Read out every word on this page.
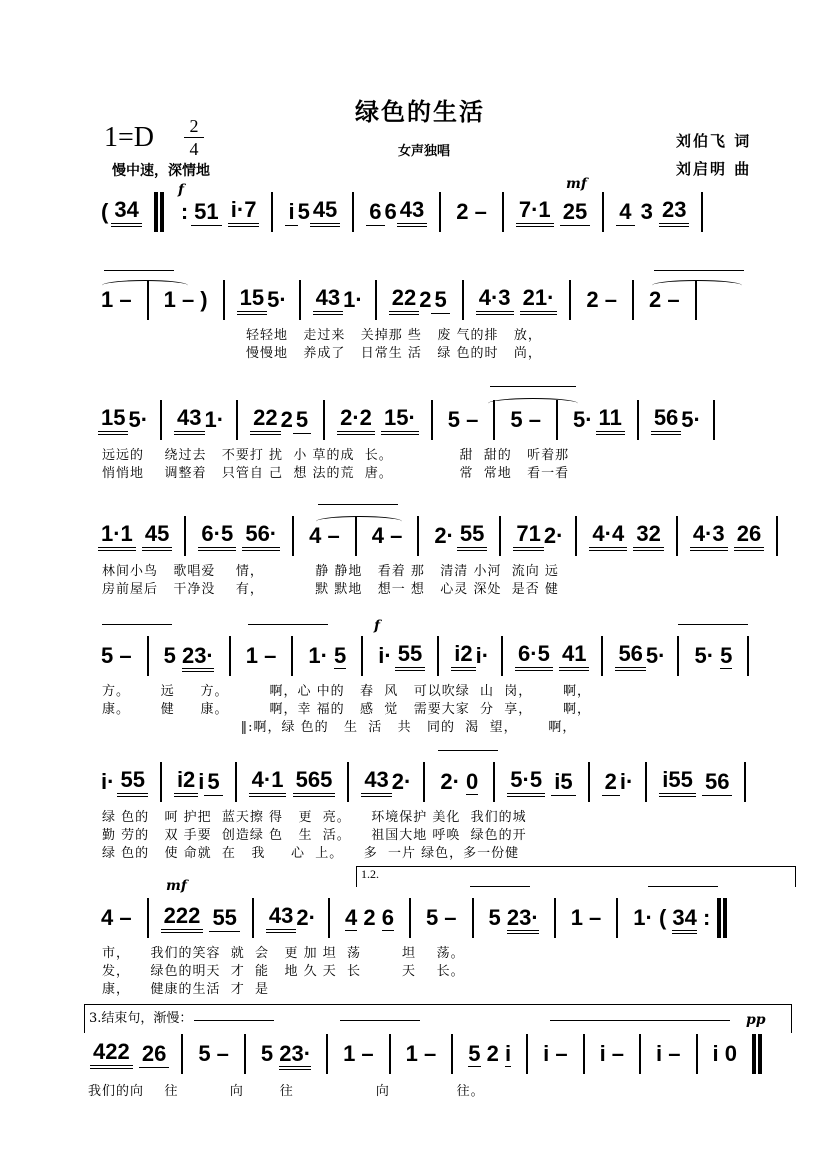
绿色的生活
1=D	2
4
慢中速，深情地
女声独唱
刘伯飞 词
刘启明 曲
f	mf
( 34 : 51
i·7 i 5 45 6 6 43 2 – 7·1
25 4 3 23
1 – 1 – ) 15 5· 43 1· 22 2 5 4·3
21· 2 – 2 –
轻轻地   走过来   关掉那 些   废 气的排   放，
慢慢地   养成了   日常生 活   绿 色的时   尚，
15 5· 43 1· 22 2 5 2·2
15· 5 – 5 – 5· 11 56 5·
远远的    绕过去   不要打 扰  小 草的成  长。             甜  甜的   听着那
悄悄地    调整着   只管自 己  想 法的荒  唐。             常  常地   看一看
1·1
45 6·5
56· 4 – 4 – 2· 55 71 2· 4·4
32 4·3
26
林间小鸟   歌唱爱    情，          静 静地   看着 那   清清 小河  流向 远
房前屋后   干净没    有，          默 默地   想一 想   心灵 深处  是否 健
f
5 – 5 23· 1 – 1· 5 i· 55 i2 i· 6·5
41 56 5· 5· 5
方。      远     方。        啊，心 中的   春  风   可以吹绿  山  岗，      啊，
康。      健     康。        啊，幸 福的   感  觉   需要大家  分  享，      啊，
‖:啊，绿 色的   生  活   共   同的  渴  望，      啊，
i· 55 i2 i 5 4·1
565 43 2· 2· 0 5·5
i5 2 i· i55
56
绿 色的   呵 护把  蓝天擦 得   更  亮。    环境保护 美化  我们的城
勤 劳的   双 手要  创造绿 色   生  活。    祖国大地 呼唤  绿色的开
绿 色的   使 命就  在   我     心  上。    多  一片 绿色，多一份健
1.2.
mf
4 – 222
55 43 2· 4 2 6 5 – 5 23· 1 – 1· ( 34 :
市，    我们的笑容  就  会   更 加 坦  荡        坦    荡。
发，    绿色的明天  才  能   地 久 天  长        天    长。
康，    健康的生活  才  是
3.结束句，渐慢：	pp
422
26 5 – 5 23· 1 – 1 – 5 2 i i – i – i – i 0
我们的向    往          向       往                向             往。
